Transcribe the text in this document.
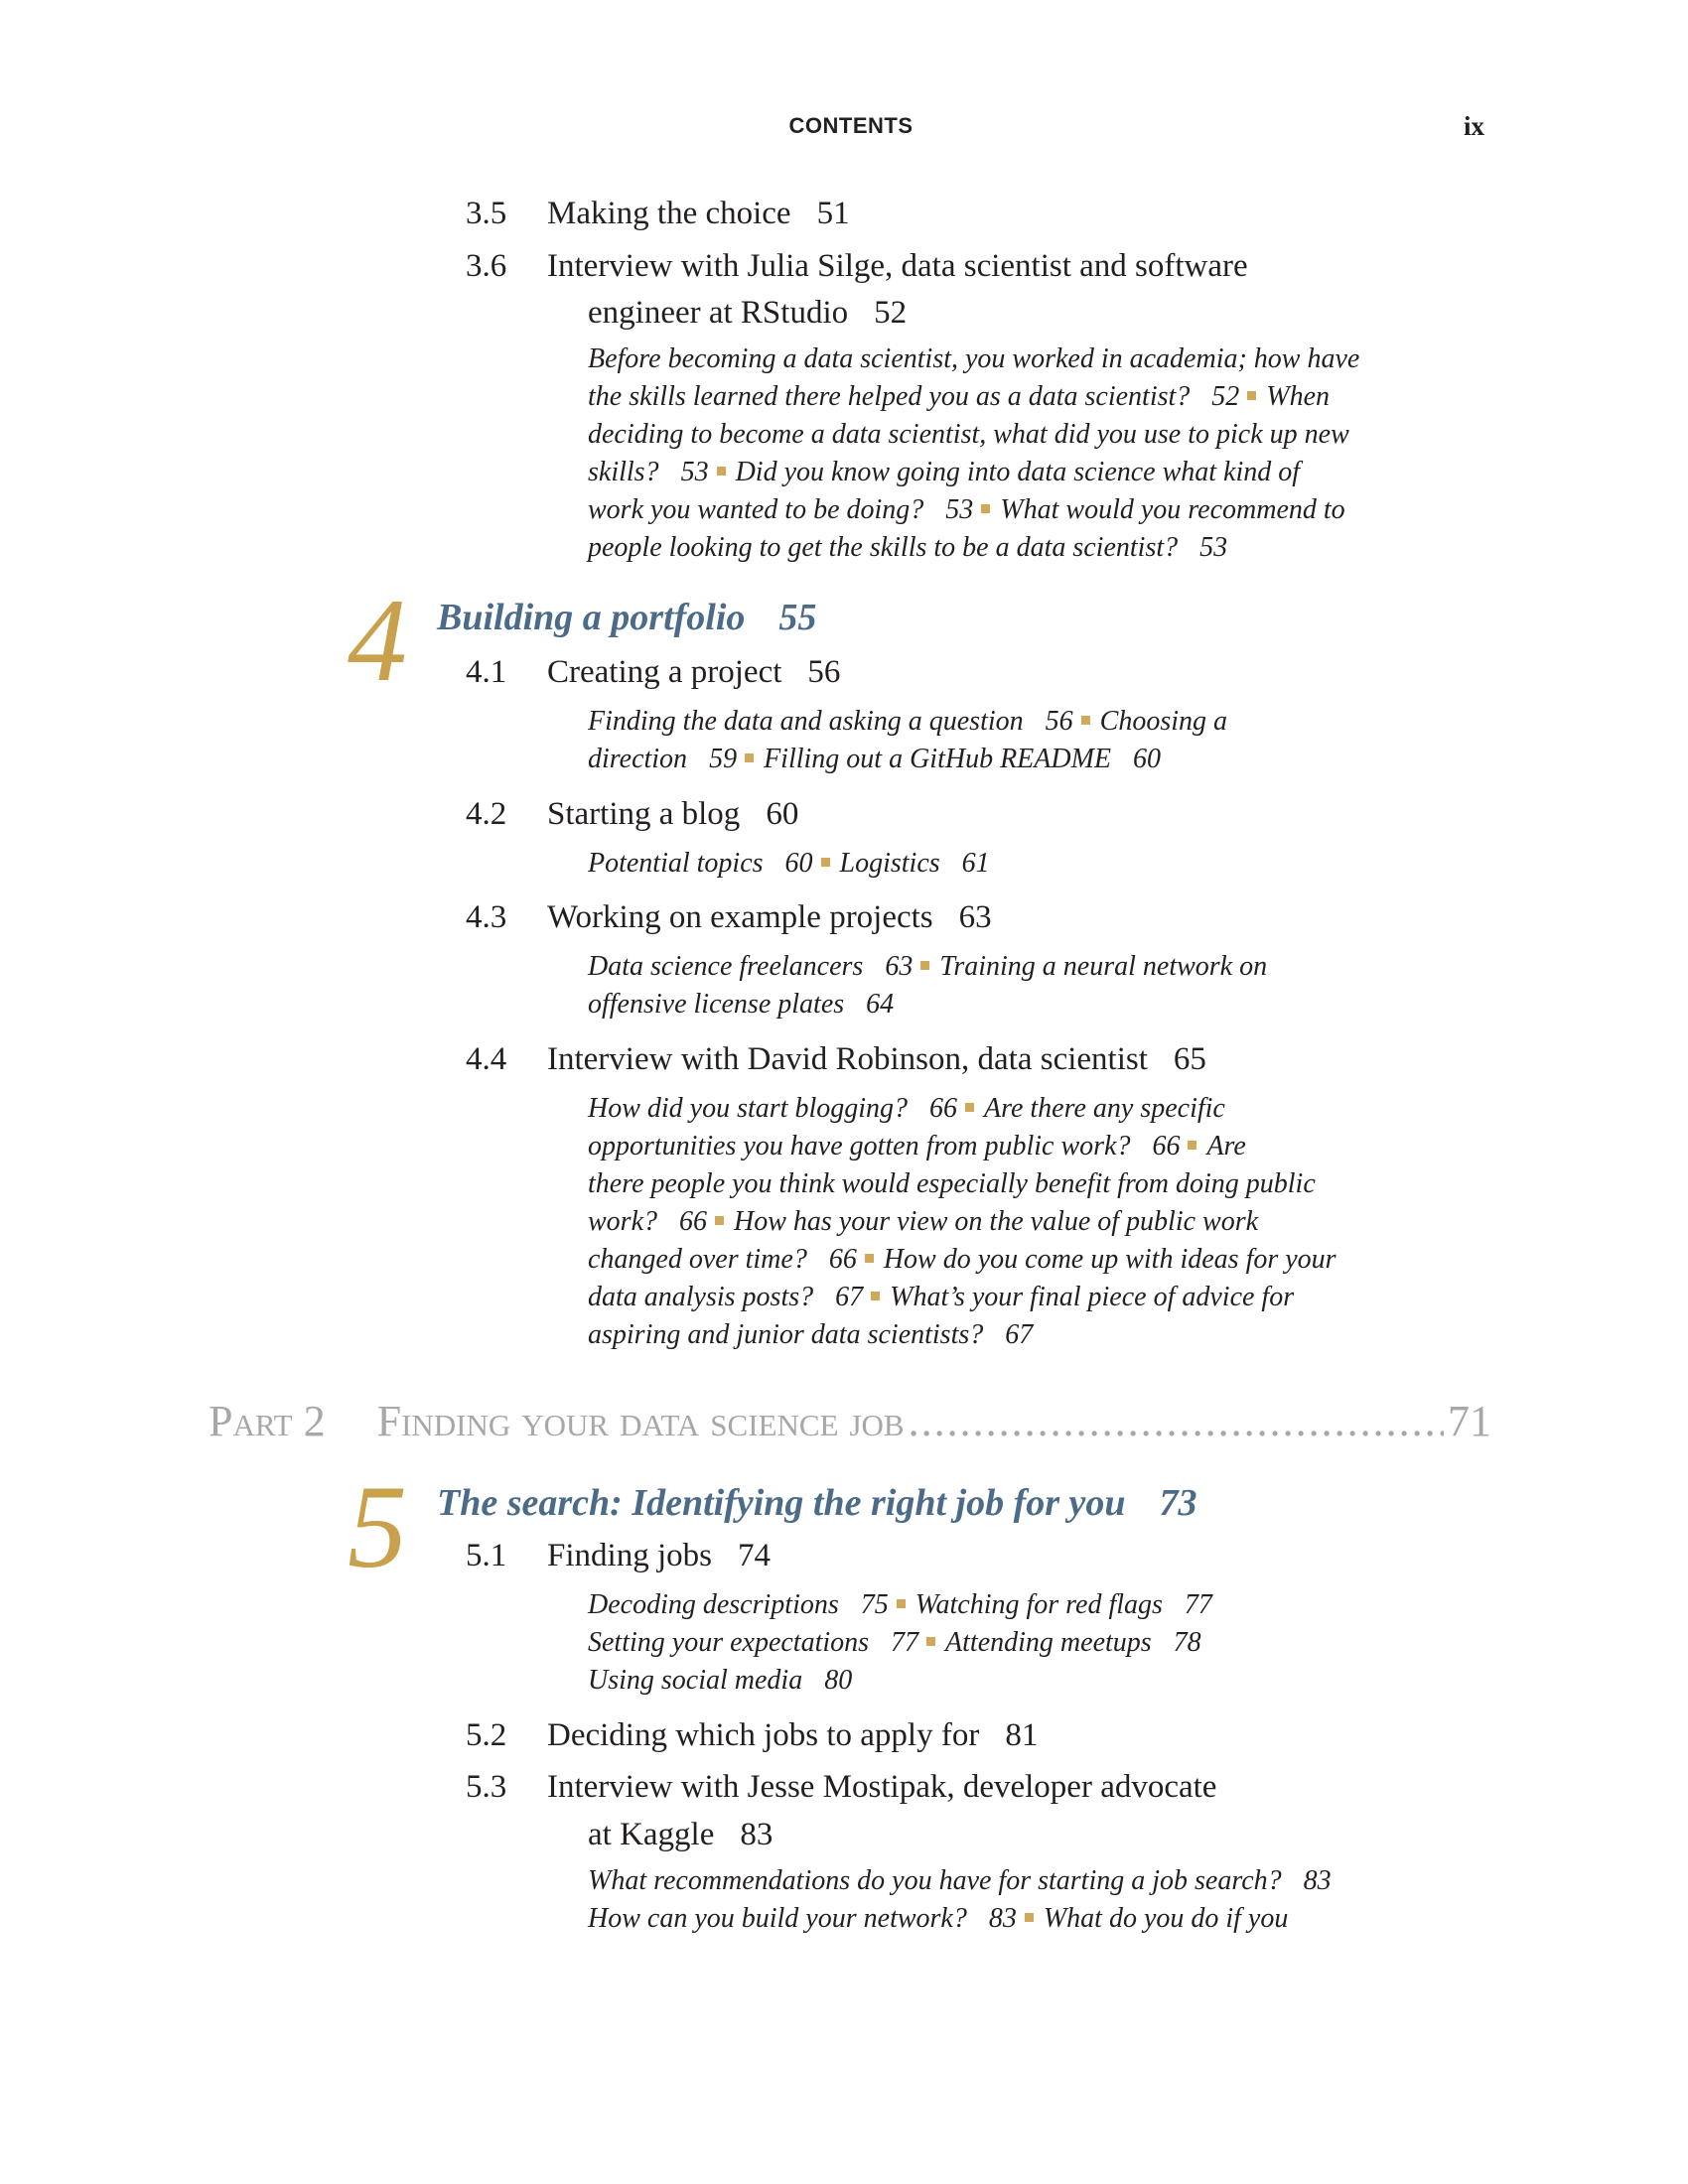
CONTENTS	ix
3.5 Making the choice 51
3.6 Interview with Julia Silge, data scientist and software
engineer at RStudio 52
Before becoming a data scientist, you worked in academia; how have
the skills learned there helped you as a data scientist? 52 When
deciding to become a data scientist, what did you use to pick up new
skills? 53 Did you know going into data science what kind of
work you wanted to be doing? 53 What would you recommend to
people looking to get the skills to be a data scientist? 53
4 Building a portfolio 55
4.1 Creating a project 56
Finding the data and asking a question 56 Choosing a
direction 59 Filling out a GitHub README 60
4.2 Starting a blog 60
Potential topics 60 Logistics 61
4.3 Working on example projects 63
Data science freelancers 63 Training a neural network on
offensive license plates 64
4.4 Interview with David Robinson, data scientist 65
How did you start blogging? 66 Are there any specific
opportunities you have gotten from public work? 66 Are
there people you think would especially benefit from doing public
work? 66 How has your view on the value of public work
changed over time? 66 How do you come up with ideas for your
data analysis posts? 67 What’s your final piece of advice for
aspiring and junior data scientists? 67
Part 2 Finding your data science job .....	71
5 The search: Identifying the right job for you 73
5.1 Finding jobs 74
Decoding descriptions 75 Watching for red flags 77
Setting your expectations 77 Attending meetups 78
Using social media 80
5.2 Deciding which jobs to apply for 81
5.3 Interview with Jesse Mostipak, developer advocate
at Kaggle 83
What recommendations do you have for starting a job search? 83
How can you build your network? 83 What do you do if you
